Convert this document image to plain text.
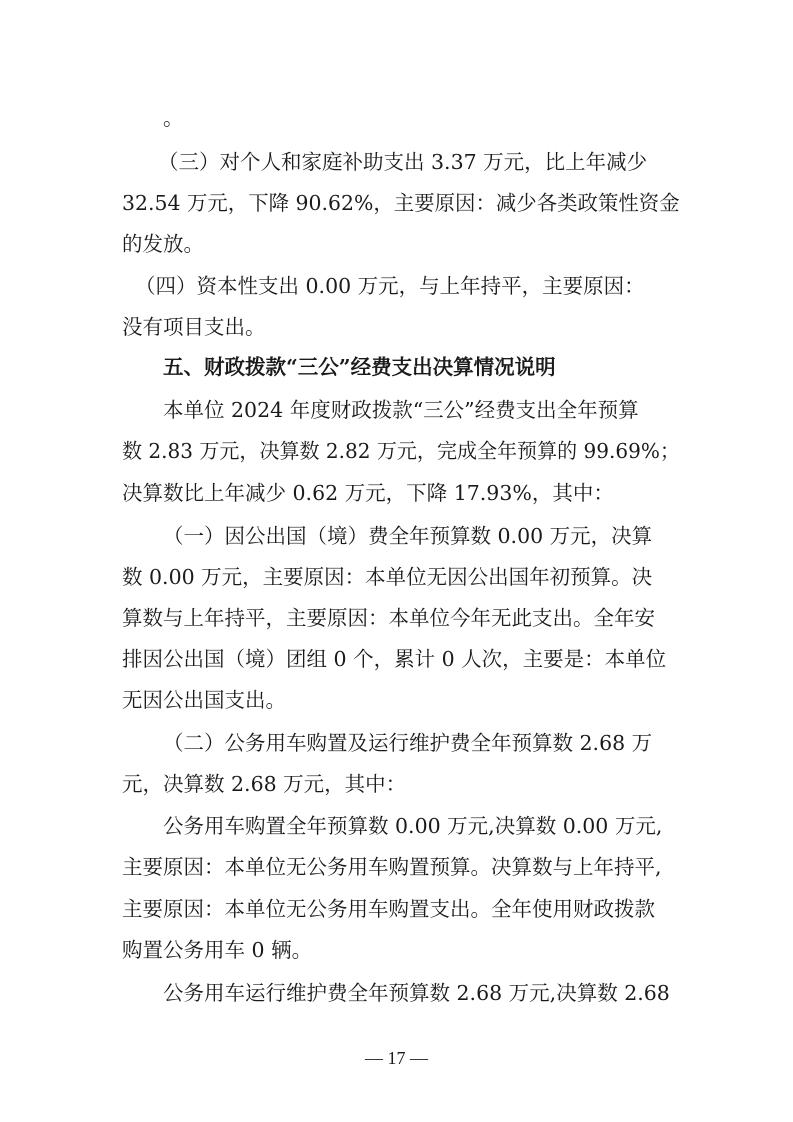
。
（三）对个人和家庭补助支出 3.37 万元，比上年减少
32.54 万元，下降 90.62%，主要原因：减少各类政策性资金
的发放。
（四）资本性支出 0.00 万元，与上年持平，主要原因：
没有项目支出。
五、财政拨款“三公”经费支出决算情况说明
本单位 2024 年度财政拨款“三公”经费支出全年预算
数 2.83 万元，决算数 2.82 万元，完成全年预算的 99.69%；
决算数比上年减少 0.62 万元，下降 17.93%，其中：
（一）因公出国（境）费全年预算数 0.00 万元，决算
数 0.00 万元，主要原因：本单位无因公出国年初预算。决
算数与上年持平，主要原因：本单位今年无此支出。全年安
排因公出国（境）团组 0 个，累计 0 人次，主要是：本单位
无因公出国支出。
（二）公务用车购置及运行维护费全年预算数 2.68 万
元，决算数 2.68 万元，其中：
公务用车购置全年预算数 0.00 万元,决算数 0.00 万元,
主要原因：本单位无公务用车购置预算。决算数与上年持平,
主要原因：本单位无公务用车购置支出。全年使用财政拨款
购置公务用车 0 辆。
公务用车运行维护费全年预算数 2.68 万元,决算数 2.68
— 17 —
